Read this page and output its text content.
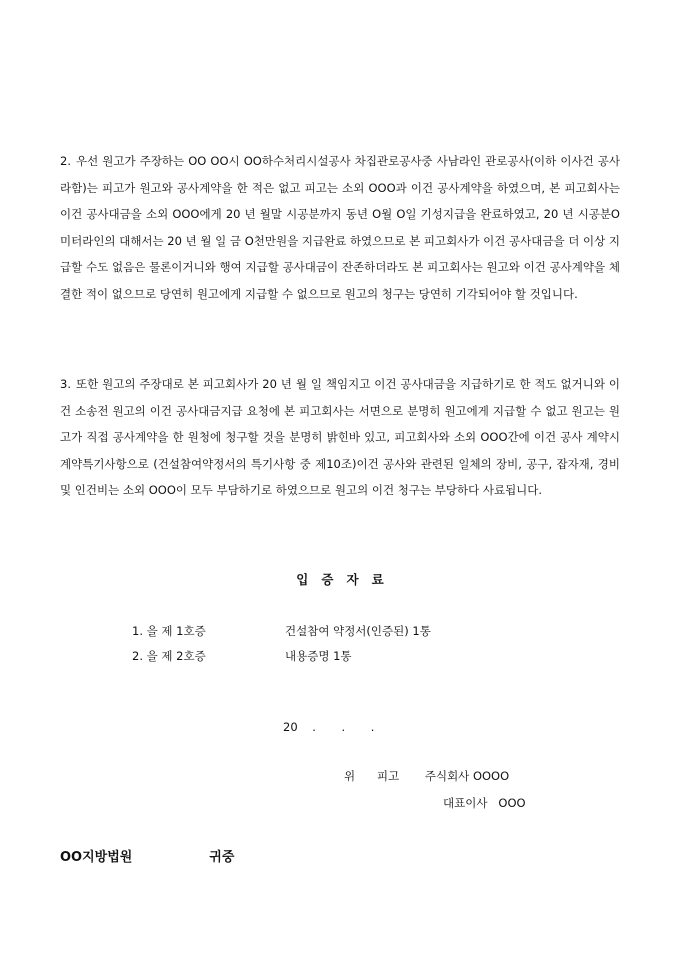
2. 우선 원고가 주장하는 OO OO시 OO하수처리시설공사 차집관로공사중 사남라인 관로공사(이하 이사건 공사라함)는 피고가 원고와 공사계약을 한 적은 없고 피고는 소외 OOO과 이건 공사계약을 하였으며, 본 피고회사는 이건 공사대금을 소외 OOO에게 20 년 월말 시공분까지 동년 O월 O일 기성지급을 완료하였고, 20 년 시공분O미터라인의 대해서는 20 년 월 일 금 O천만원을 지급완료 하였으므로 본 피고회사가 이건 공사대금을 더 이상 지급할 수도 없음은 물론이거니와 행여 지급할 공사대금이 잔존하더라도 본 피고회사는 원고와 이건 공사계약을 체결한 적이 없으므로 당연히 원고에게 지급할 수 없으므로 원고의 청구는 당연히 기각되어야 할 것입니다.

3. 또한 원고의 주장대로 본 피고회사가 20 년 월 일 책임지고 이건 공사대금을 지급하기로 한 적도 없거니와 이건 소송전 원고의 이건 공사대금지급 요청에 본 피고회사는 서면으로 분명히 원고에게 지급할 수 없고 원고는 원고가 직접 공사계약을 한 원청에 청구할 것을 분명히 밝힌바 있고, 피고회사와 소외 OOO간에 이건 공사 계약시 계약특기사항으로 (건설참여약정서의 특기사항 중 제10조)이건 공사와 관련된 일체의 장비, 공구, 잡자재, 경비 및 인건비는 소외 OOO이 모두 부담하기로 하였으므로 원고의 이건 청구는 부당하다 사료됩니다.

입   증   자   료
1. 을 제 1호증	건설참여 약정서(인증된) 1통
2. 을 제 2호증	내용증명 1통
20    .       .       .
위      피고       주식회사 OOOO
대표이사   OOO
OO지방법원                 귀중
